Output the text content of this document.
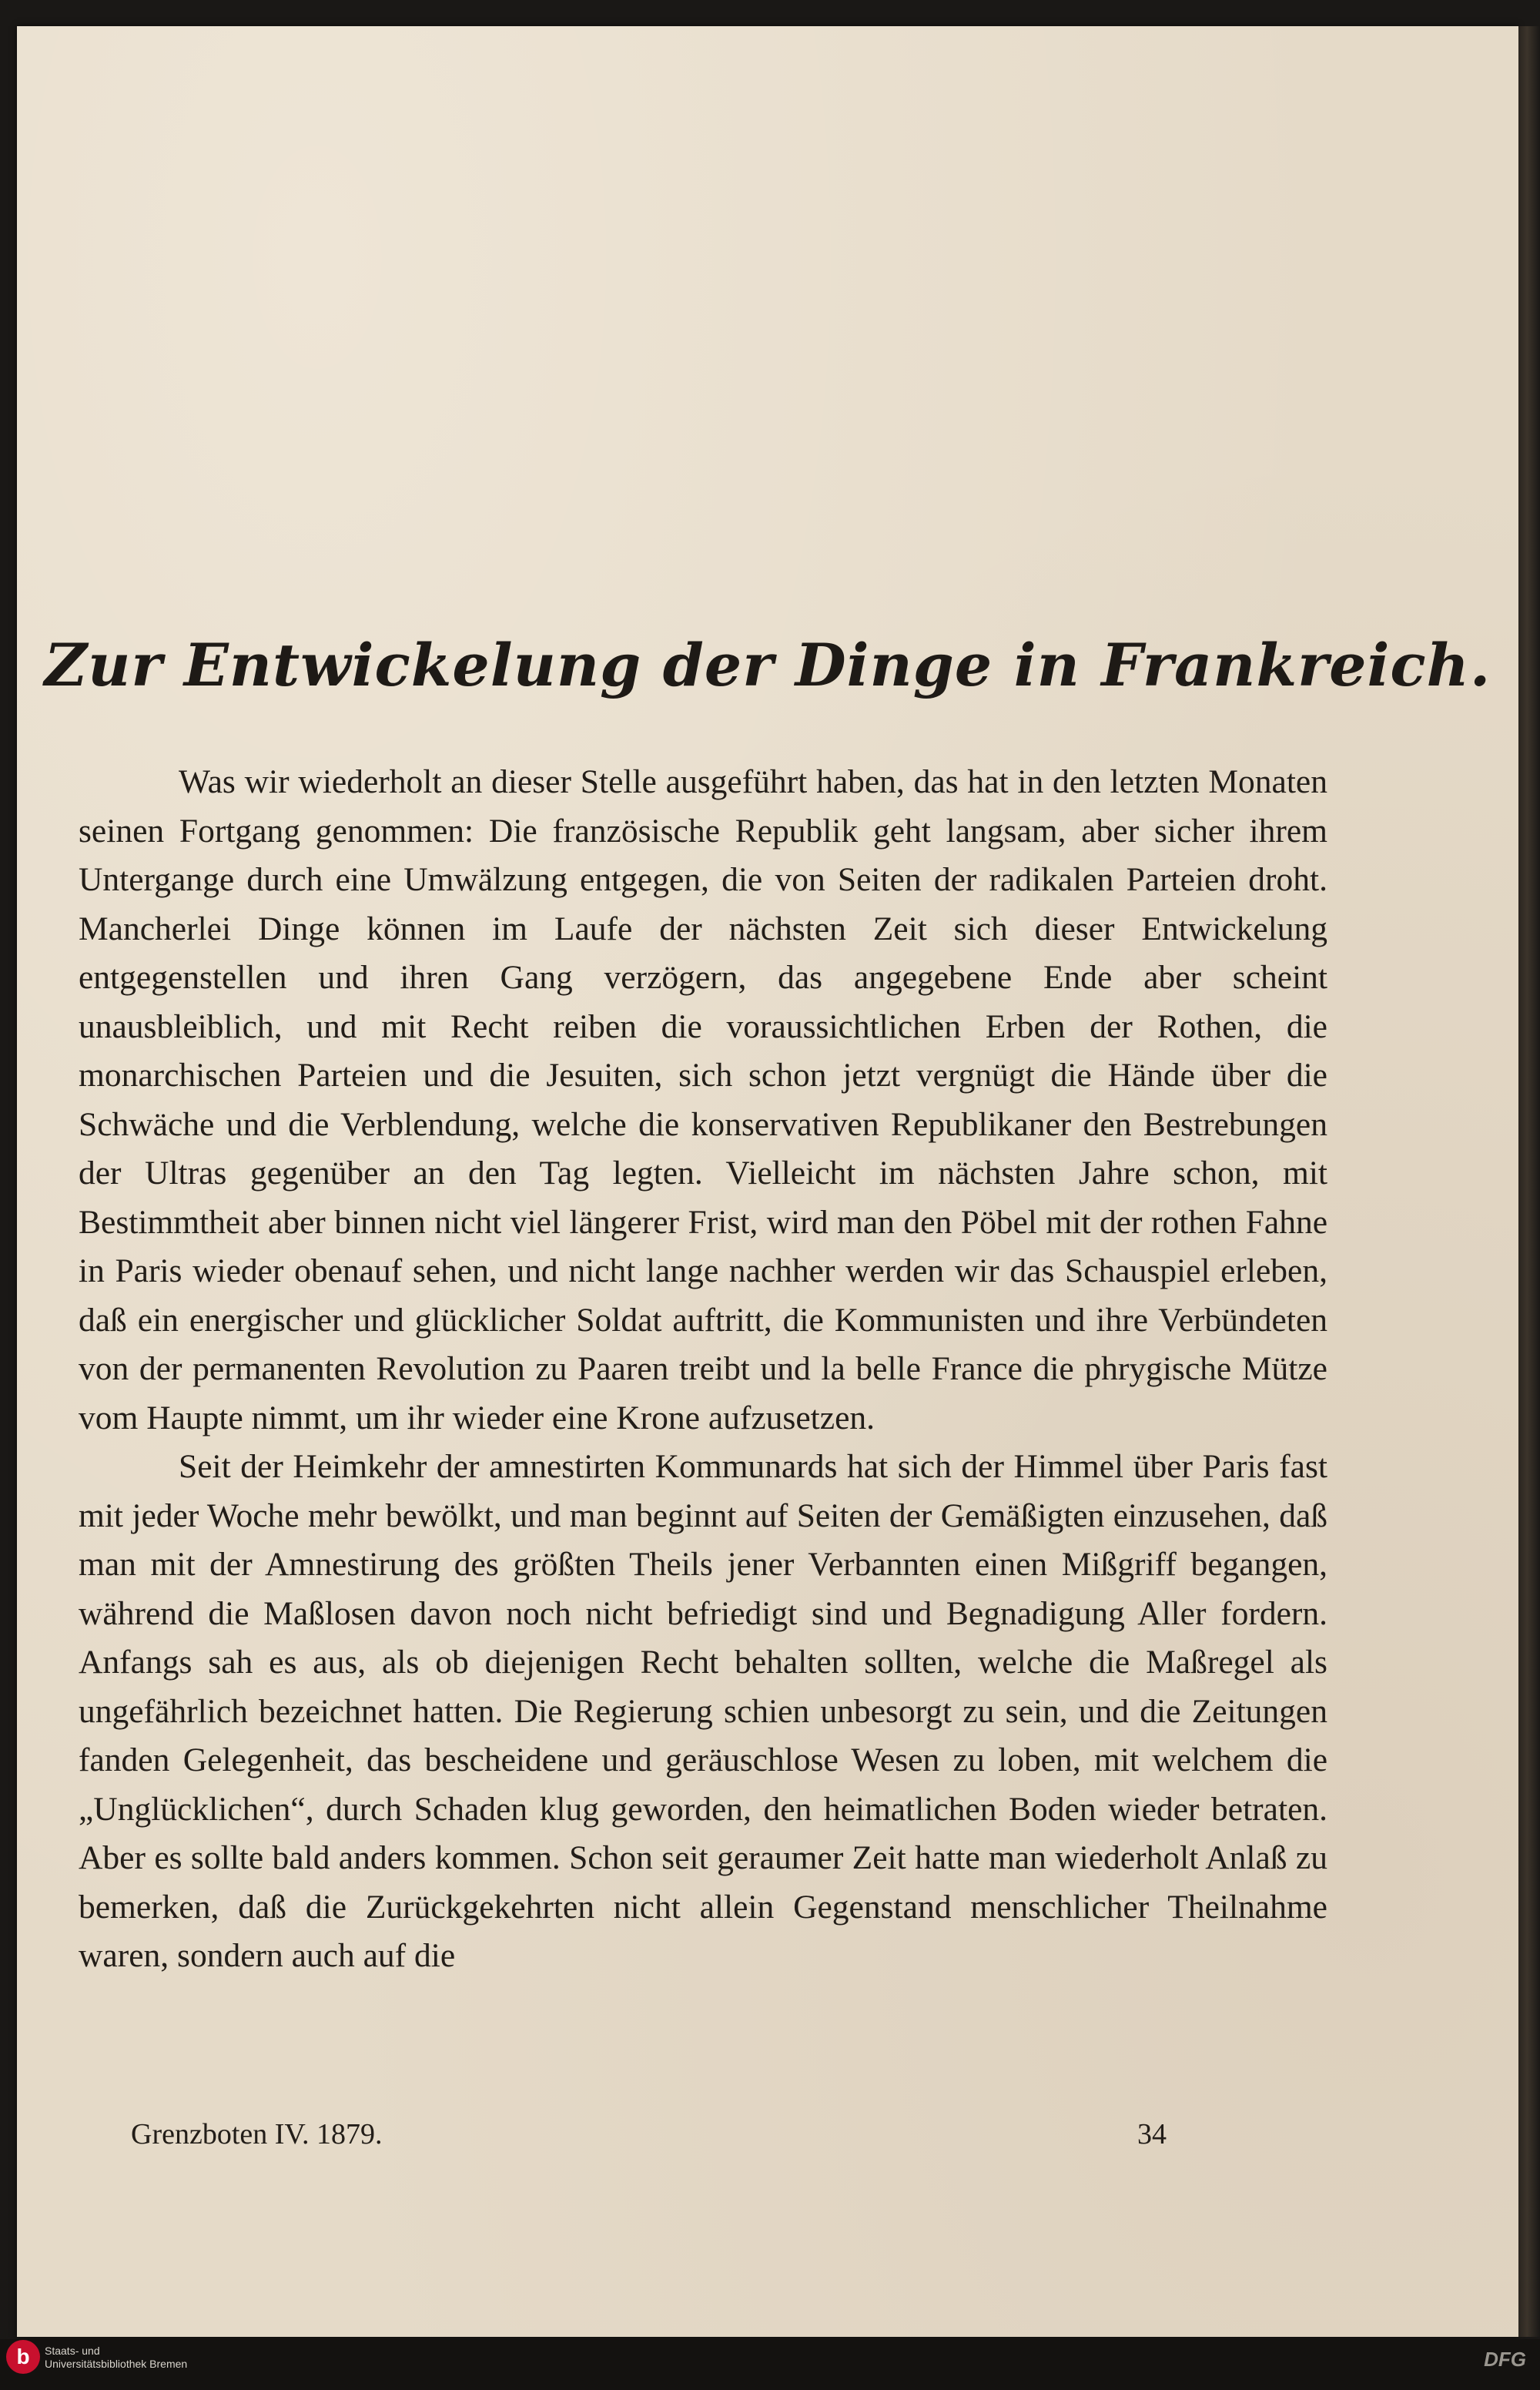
Zur Entwickelung der Dinge in Frankreich.

Was wir wiederholt an dieser Stelle ausgeführt haben, das hat in den letzten Monaten seinen Fortgang genommen: Die französische Republik geht langsam, aber sicher ihrem Untergange durch eine Umwälzung entgegen, die von Seiten der radikalen Parteien droht. Mancherlei Dinge können im Laufe der nächsten Zeit sich dieser Entwickelung entgegenstellen und ihren Gang verzögern, das angegebene Ende aber scheint unausbleiblich, und mit Recht reiben die voraussichtlichen Erben der Rothen, die monarchischen Parteien und die Jesuiten, sich schon jetzt vergnügt die Hände über die Schwäche und die Verblendung, welche die konservativen Republikaner den Bestrebungen der Ultras gegenüber an den Tag legten. Vielleicht im nächsten Jahre schon, mit Bestimmtheit aber binnen nicht viel längerer Frist, wird man den Pöbel mit der rothen Fahne in Paris wieder obenauf sehen, und nicht lange nachher werden wir das Schauspiel erleben, daß ein energischer und glücklicher Soldat auftritt, die Kommunisten und ihre Verbündeten von der permanenten Revolution zu Paaren treibt und la belle France die phrygische Mütze vom Haupte nimmt, um ihr wieder eine Krone aufzusetzen.

Seit der Heimkehr der amnestirten Kommunards hat sich der Himmel über Paris fast mit jeder Woche mehr bewölkt, und man beginnt auf Seiten der Gemäßigten einzusehen, daß man mit der Amnestirung des größten Theils jener Verbannten einen Mißgriff begangen, während die Maßlosen davon noch nicht befriedigt sind und Begnadigung Aller fordern. Anfangs sah es aus, als ob diejenigen Recht behalten sollten, welche die Maßregel als ungefährlich bezeichnet hatten. Die Regierung schien unbesorgt zu sein, und die Zeitungen fanden Gelegenheit, das bescheidene und geräuschlose Wesen zu loben, mit welchem die „Unglücklichen“, durch Schaden klug geworden, den heimatlichen Boden wieder betraten. Aber es sollte bald anders kommen. Schon seit geraumer Zeit hatte man wiederholt Anlaß zu bemerken, daß die Zurückgekehrten nicht allein Gegenstand menschlicher Theilnahme waren, sondern auch auf die

Grenzboten IV. 1879.	34
b	Staats- und
Universitätsbibliothek Bremen	DFG
